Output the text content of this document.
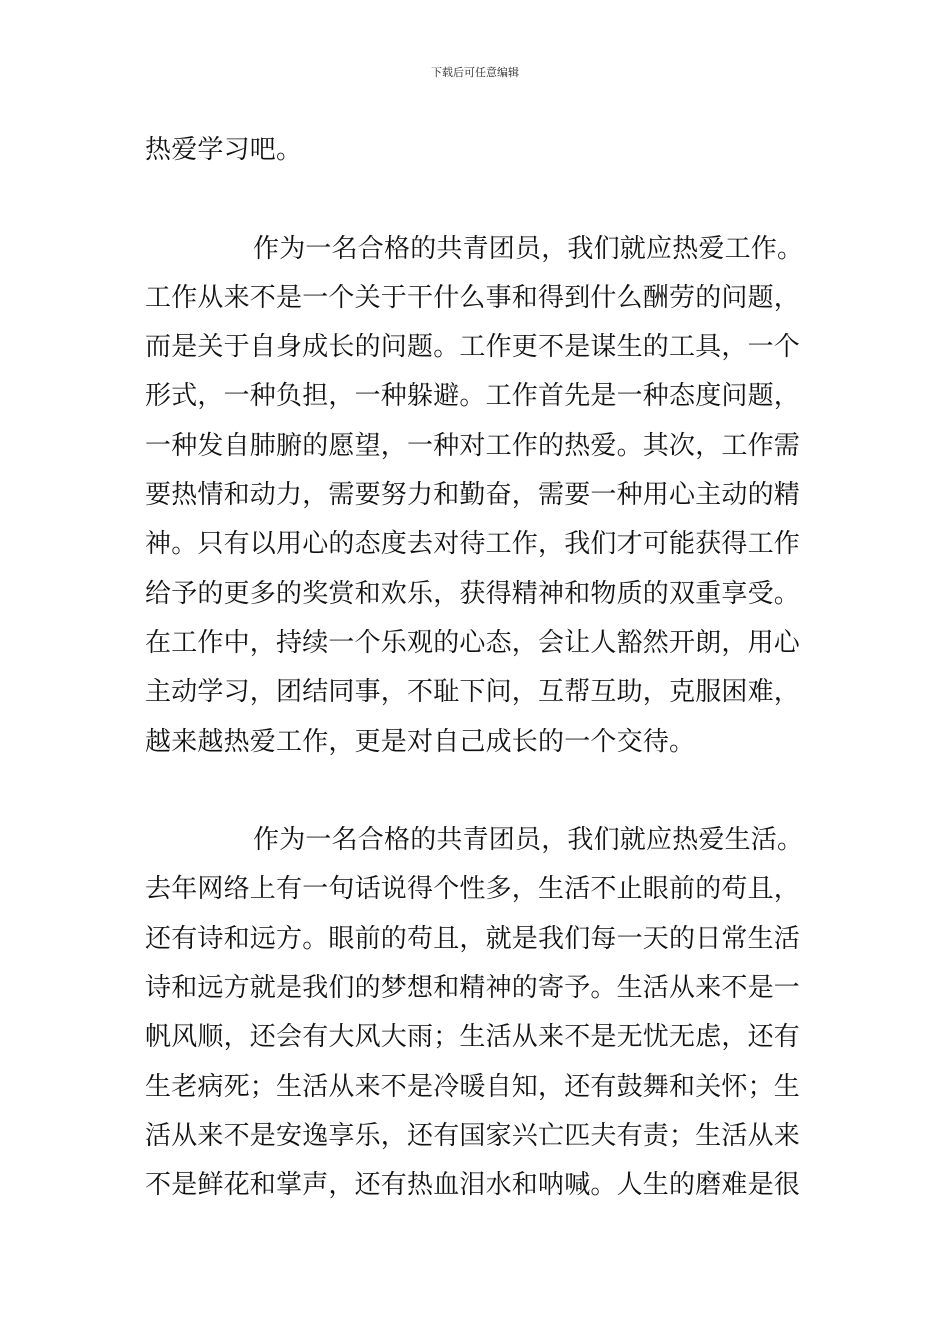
下载后可任意编辑
热爱学习吧。
作为一名合格的共青团员，我们就应热爱工作。
工作从来不是一个关于干什么事和得到什么酬劳的问题，
而是关于自身成长的问题。工作更不是谋生的工具，一个
形式，一种负担，一种躲避。工作首先是一种态度问题，
一种发自肺腑的愿望，一种对工作的热爱。其次，工作需
要热情和动力，需要努力和勤奋，需要一种用心主动的精
神。只有以用心的态度去对待工作，我们才可能获得工作
给予的更多的奖赏和欢乐，获得精神和物质的双重享受。
在工作中，持续一个乐观的心态，会让人豁然开朗，用心
主动学习，团结同事，不耻下问，互帮互助，克服困难，
越来越热爱工作，更是对自己成长的一个交待。
作为一名合格的共青团员，我们就应热爱生活。
去年网络上有一句话说得个性多，生活不止眼前的苟且，
还有诗和远方。眼前的苟且，就是我们每一天的日常生活
诗和远方就是我们的梦想和精神的寄予。生活从来不是一
帆风顺，还会有大风大雨；生活从来不是无忧无虑，还有
生老病死；生活从来不是冷暖自知，还有鼓舞和关怀；生
活从来不是安逸享乐，还有国家兴亡匹夫有责；生活从来
不是鲜花和掌声，还有热血泪水和呐喊。人生的磨难是很
